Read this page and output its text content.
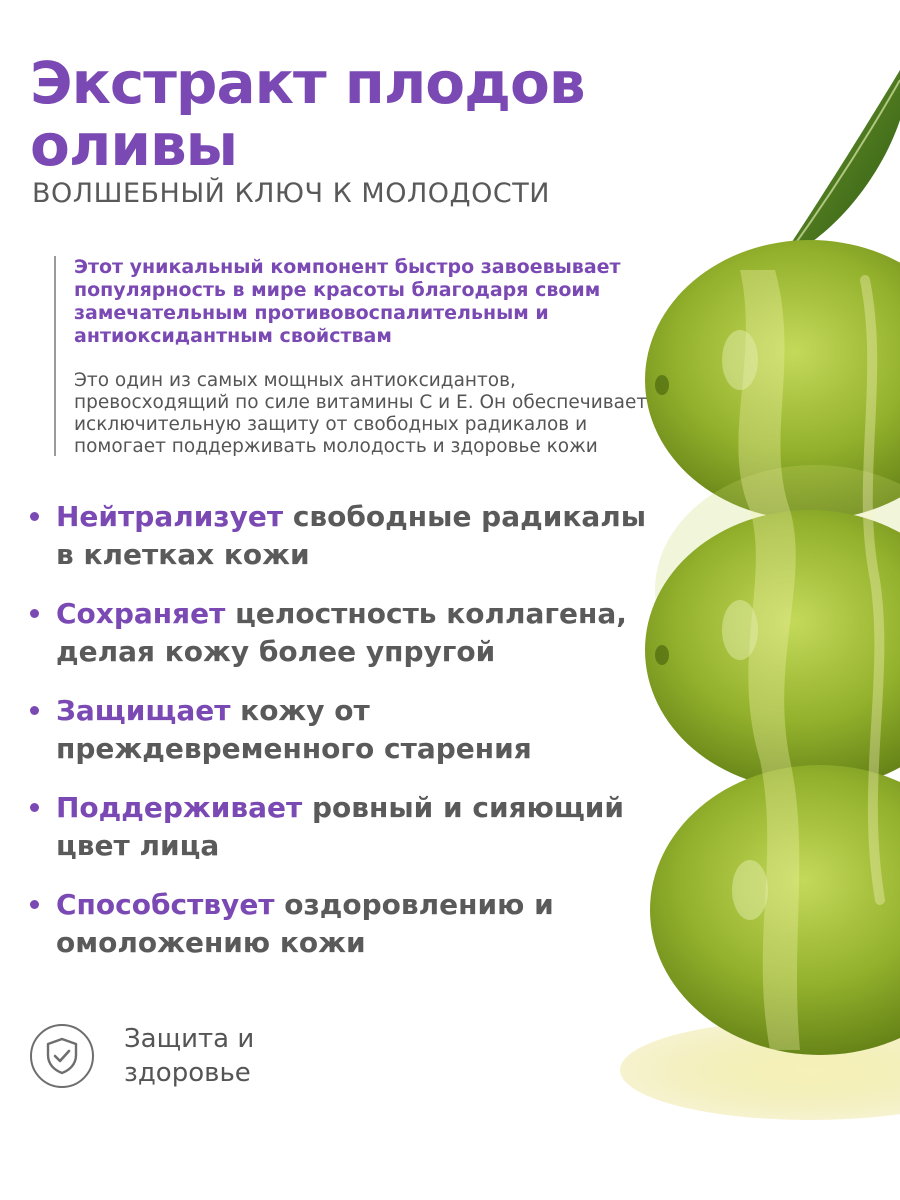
Экстракт плодов оливы

ВОЛШЕБНЫЙ КЛЮЧ К МОЛОДОСТИ

Этот уникальный компонент быстро завоевывает популярность в мире красоты благодаря своим замечательным противовоспалительным и антиоксидантным свойствам

Это один из самых мощных антиоксидантов, превосходящий по силе витамины С и Е. Он обеспечивает исключительную защиту от свободных радикалов и помогает поддерживать молодость и здоровье кожи

Нейтрализует свободные радикалы в клетках кожи
Сохраняет целостность коллагена, делая кожу более упругой
Защищает кожу от преждевременного старения
Поддерживает ровный и сияющий цвет лица
Способствует оздоровлению и омоложению кожи
Защита и здоровье
